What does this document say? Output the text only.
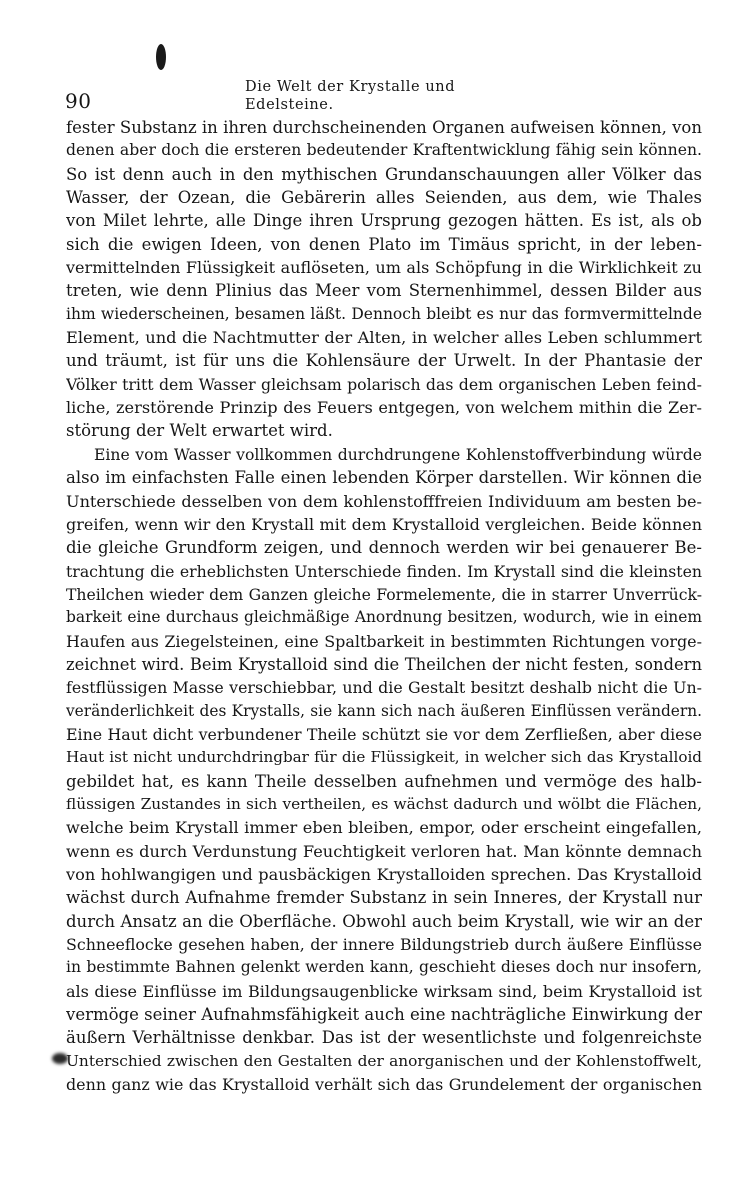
90
Die Welt der Krystalle und Edelsteine.
fester Substanz in ihren durchscheinenden Organen aufweisen können, von
denen aber doch die ersteren bedeutender Kraftentwicklung fähig sein können.
So ist denn auch in den mythischen Grundanschauungen aller Völker das
Wasser, der Ozean, die Gebärerin alles Seienden, aus dem, wie Thales
von Milet lehrte, alle Dinge ihren Ursprung gezogen hätten. Es ist, als ob
sich die ewigen Ideen, von denen Plato im Timäus spricht, in der leben-
vermittelnden Flüssigkeit auflöseten, um als Schöpfung in die Wirklichkeit zu
treten, wie denn Plinius das Meer vom Sternenhimmel, dessen Bilder aus
ihm wiederscheinen, besamen läßt. Dennoch bleibt es nur das formvermittelnde
Element, und die Nachtmutter der Alten, in welcher alles Leben schlummert
und träumt, ist für uns die Kohlensäure der Urwelt. In der Phantasie der
Völker tritt dem Wasser gleichsam polarisch das dem organischen Leben feind-
liche, zerstörende Prinzip des Feuers entgegen, von welchem mithin die Zer-
störung der Welt erwartet wird.
Eine vom Wasser vollkommen durchdrungene Kohlenstoffverbindung würde
also im einfachsten Falle einen lebenden Körper darstellen. Wir können die
Unterschiede desselben von dem kohlenstofffreien Individuum am besten be-
greifen, wenn wir den Krystall mit dem Krystalloid vergleichen. Beide können
die gleiche Grundform zeigen, und dennoch werden wir bei genauerer Be-
trachtung die erheblichsten Unterschiede finden. Im Krystall sind die kleinsten
Theilchen wieder dem Ganzen gleiche Formelemente, die in starrer Unverrück-
barkeit eine durchaus gleichmäßige Anordnung besitzen, wodurch, wie in einem
Haufen aus Ziegelsteinen, eine Spaltbarkeit in bestimmten Richtungen vorge-
zeichnet wird. Beim Krystalloid sind die Theilchen der nicht festen, sondern
festflüssigen Masse verschiebbar, und die Gestalt besitzt deshalb nicht die Un-
veränderlichkeit des Krystalls, sie kann sich nach äußeren Einflüssen verändern.
Eine Haut dicht verbundener Theile schützt sie vor dem Zerfließen, aber diese
Haut ist nicht undurchdringbar für die Flüssigkeit, in welcher sich das Krystalloid
gebildet hat, es kann Theile desselben aufnehmen und vermöge des halb-
flüssigen Zustandes in sich vertheilen, es wächst dadurch und wölbt die Flächen,
welche beim Krystall immer eben bleiben, empor, oder erscheint eingefallen,
wenn es durch Verdunstung Feuchtigkeit verloren hat. Man könnte demnach
von hohlwangigen und pausbäckigen Krystalloiden sprechen. Das Krystalloid
wächst durch Aufnahme fremder Substanz in sein Inneres, der Krystall nur
durch Ansatz an die Oberfläche. Obwohl auch beim Krystall, wie wir an der
Schneeflocke gesehen haben, der innere Bildungstrieb durch äußere Einflüsse
in bestimmte Bahnen gelenkt werden kann, geschieht dieses doch nur insofern,
als diese Einflüsse im Bildungsaugenblicke wirksam sind, beim Krystalloid ist
vermöge seiner Aufnahmsfähigkeit auch eine nachträgliche Einwirkung der
äußern Verhältnisse denkbar. Das ist der wesentlichste und folgenreichste
Unterschied zwischen den Gestalten der anorganischen und der Kohlenstoffwelt,
denn ganz wie das Krystalloid verhält sich das Grundelement der organischen
